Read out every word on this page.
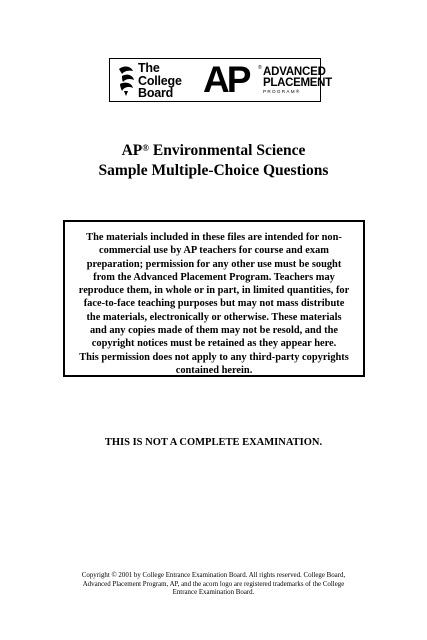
The
College
Board AP ® ADVANCED
PLACEMENT
PROGRAM®
AP® Environmental Science
Sample Multiple-Choice Questions
The materials included in these files are intended for non-
commercial use by AP teachers for course and exam
preparation; permission for any other use must be sought
from the Advanced Placement Program. Teachers may
reproduce them, in whole or in part, in limited quantities, for
face-to-face teaching purposes but may not mass distribute
the materials, electronically or otherwise. These materials
and any copies made of them may not be resold, and the
copyright notices must be retained as they appear here.
This permission does not apply to any third-party copyrights
contained herein.
THIS IS NOT A COMPLETE EXAMINATION.
Copyright © 2001 by College Entrance Examination Board. All rights reserved. College Board,
Advanced Placement Program, AP, and the acorn logo are registered trademarks of the College
Entrance Examination Board.
